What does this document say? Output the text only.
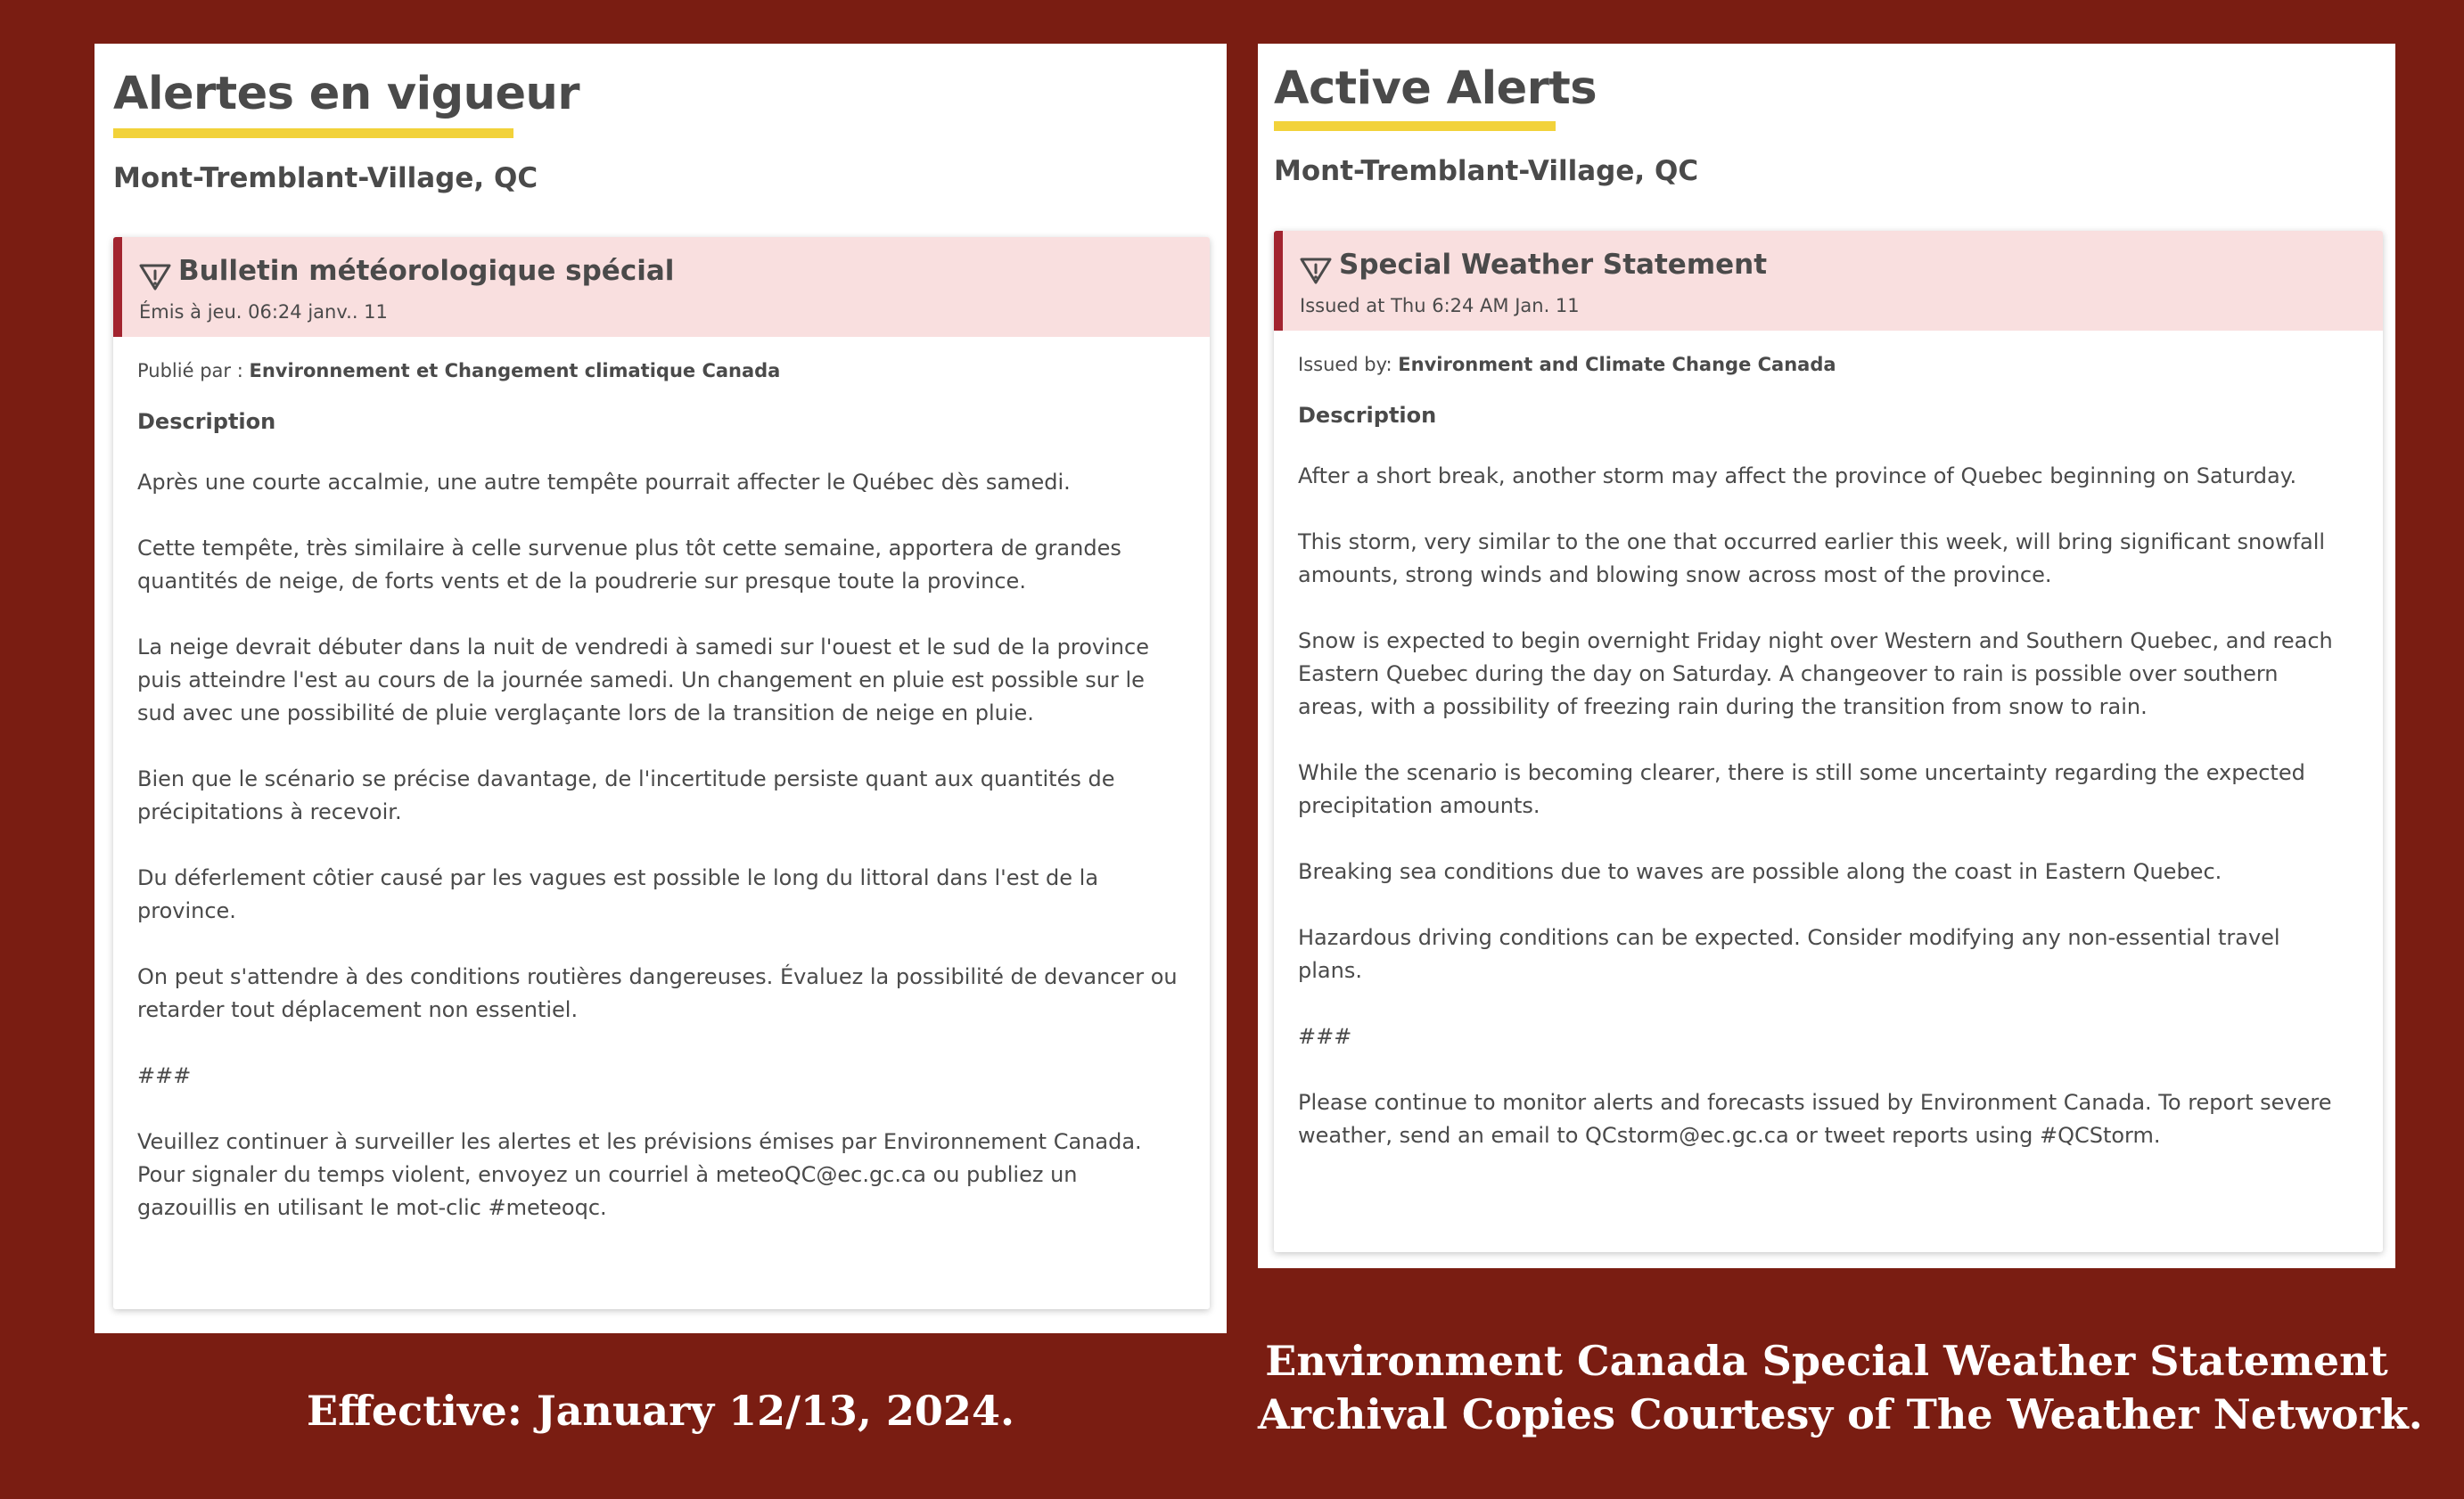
Alertes en vigueur
Mont-Tremblant-Village, QC
Bulletin météorologique spécial
Émis à jeu. 06:24 janv.. 11

Publié par : Environnement et Changement climatique Canada

Description

Après une courte accalmie, une autre tempête pourrait affecter le Québec dès samedi.

Cette tempête, très similaire à celle survenue plus tôt cette semaine, apportera de grandes
quantités de neige, de forts vents et de la poudrerie sur presque toute la province.

La neige devrait débuter dans la nuit de vendredi à samedi sur l'ouest et le sud de la province
puis atteindre l'est au cours de la journée samedi. Un changement en pluie est possible sur le
sud avec une possibilité de pluie verglaçante lors de la transition de neige en pluie.

Bien que le scénario se précise davantage, de l'incertitude persiste quant aux quantités de
précipitations à recevoir.

Du déferlement côtier causé par les vagues est possible le long du littoral dans l'est de la
province.

On peut s'attendre à des conditions routières dangereuses. Évaluez la possibilité de devancer ou
retarder tout déplacement non essentiel.

###

Veuillez continuer à surveiller les alertes et les prévisions émises par Environnement Canada.
Pour signaler du temps violent, envoyez un courriel à meteoQC@ec.gc.ca ou publiez un
gazouillis en utilisant le mot-clic #meteoqc.

Active Alerts
Mont-Tremblant-Village, QC
Special Weather Statement
Issued at Thu 6:24 AM Jan. 11

Issued by: Environment and Climate Change Canada

Description

After a short break, another storm may affect the province of Quebec beginning on Saturday.

This storm, very similar to the one that occurred earlier this week, will bring significant snowfall
amounts, strong winds and blowing snow across most of the province.

Snow is expected to begin overnight Friday night over Western and Southern Quebec, and reach
Eastern Quebec during the day on Saturday. A changeover to rain is possible over southern
areas, with a possibility of freezing rain during the transition from snow to rain.

While the scenario is becoming clearer, there is still some uncertainty regarding the expected
precipitation amounts.

Breaking sea conditions due to waves are possible along the coast in Eastern Quebec.

Hazardous driving conditions can be expected. Consider modifying any non-essential travel
plans.

###

Please continue to monitor alerts and forecasts issued by Environment Canada. To report severe
weather, send an email to QCstorm@ec.gc.ca or tweet reports using #QCStorm.

Effective: January 12/13, 2024.

Environment Canada Special Weather Statement
Archival Copies Courtesy of The Weather Network.
